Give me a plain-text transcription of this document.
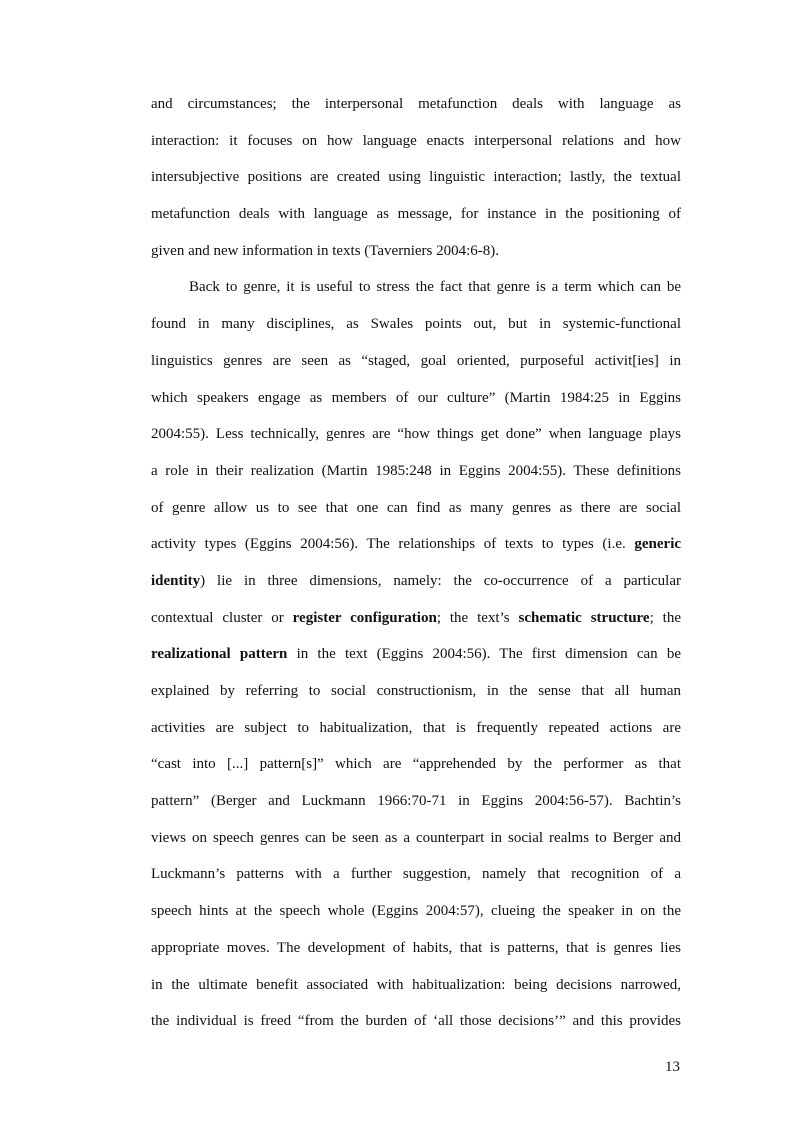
and circumstances; the interpersonal metafunction deals with language as
interaction: it focuses on how language enacts interpersonal relations and how
intersubjective positions are created using linguistic interaction; lastly, the textual
metafunction deals with language as message, for instance in the positioning of
given and new information in texts (Taverniers 2004:6-8).
Back to genre, it is useful to stress the fact that genre is a term which can be
found in many disciplines, as Swales points out, but in systemic-functional
linguistics genres are seen as “staged, goal oriented, purposeful activit[ies] in
which speakers engage as members of our culture” (Martin 1984:25 in Eggins
2004:55). Less technically, genres are “how things get done” when language plays
a role in their realization (Martin 1985:248 in Eggins 2004:55). These definitions
of genre allow us to see that one can find as many genres as there are social
activity types (Eggins 2004:56). The relationships of texts to types (i.e. generic
identity) lie in three dimensions, namely: the co-occurrence of a particular
contextual cluster or register configuration; the text’s schematic structure; the
realizational pattern in the text (Eggins 2004:56). The first dimension can be
explained by referring to social constructionism, in the sense that all human
activities are subject to habitualization, that is frequently repeated actions are
“cast into [...] pattern[s]” which are “apprehended by the performer as that
pattern” (Berger and Luckmann 1966:70-71 in Eggins 2004:56-57). Bachtin’s
views on speech genres can be seen as a counterpart in social realms to Berger and
Luckmann’s patterns with a further suggestion, namely that recognition of a
speech hints at the speech whole (Eggins 2004:57), clueing the speaker in on the
appropriate moves. The development of habits, that is patterns, that is genres lies
in the ultimate benefit associated with habitualization: being decisions narrowed,
the individual is freed “from the burden of ‘all those decisions’” and this provides
13
